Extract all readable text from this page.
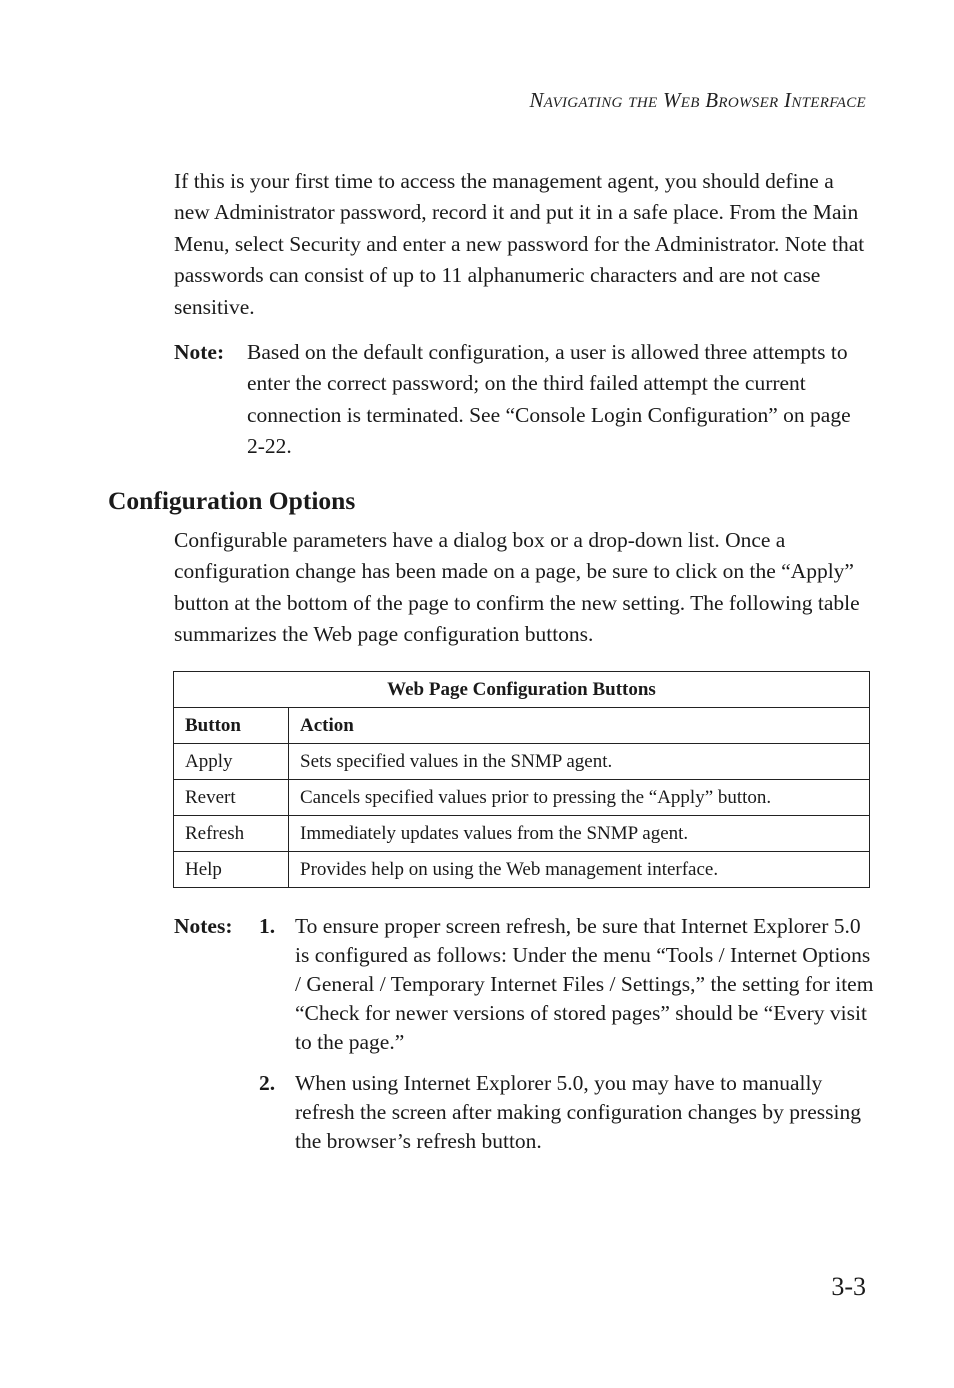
Navigating the Web Browser Interface

If this is your first time to access the management agent, you should define a new Administrator password, record it and put it in a safe place. From the Main Menu, select Security and enter a new password for the Administrator. Note that passwords can consist of up to 11 alphanumeric characters and are not case sensitive.

Note:	Based on the default configuration, a user is allowed three attempts to enter the correct password; on the third failed attempt the current connection is terminated. See “Console Login Configuration” on page 2-22.
Configuration Options

Configurable parameters have a dialog box or a drop-down list. Once a configuration change has been made on a page, be sure to click on the “Apply” button at the bottom of the page to confirm the new setting. The following table summarizes the Web page configuration buttons.

Web Page Configuration Buttons	
Button	Action
Apply	Sets specified values in the SNMP agent.
Revert	Cancels specified values prior to pressing the “Apply” button.
Refresh	Immediately updates values from the SNMP agent.
Help	Provides help on using the Web management interface.
Notes:	1. To ensure proper screen refresh, be sure that Internet Explorer 5.0 is configured as follows: Under the menu “Tools / Internet Options / General / Temporary Internet Files / Settings,” the setting for item “Check for newer versions of stored pages” should be “Every visit to the page.”
2. When using Internet Explorer 5.0, you may have to manually refresh the screen after making configuration changes by pressing the browser’s refresh button.
3-3
